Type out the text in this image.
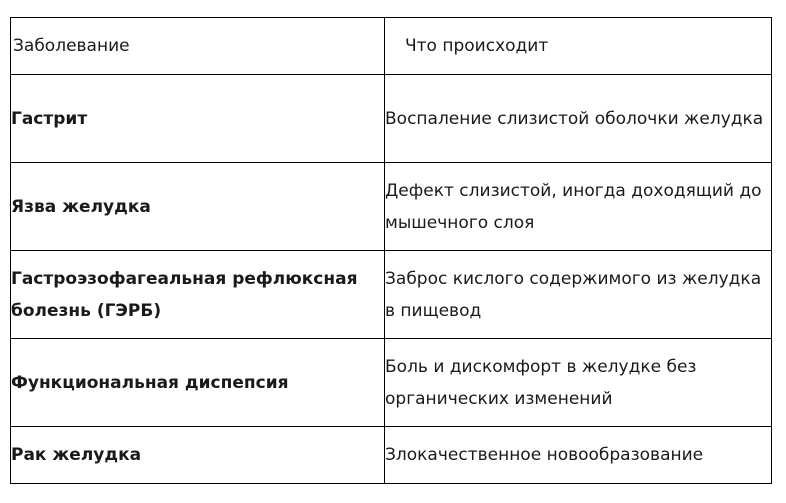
Заболевание	Что происходит
Гастрит	Воспаление слизистой оболочки желудка
Язва желудка	Дефект слизистой, иногда доходящий до мышечного слоя
Гастроэзофагеальная рефлюксная болезнь (ГЭРБ)	Заброс кислого содержимого из желудка в пищевод
Функциональная диспепсия	Боль и дискомфорт в желудке без органических изменений
Рак желудка	Злокачественное новообразование
